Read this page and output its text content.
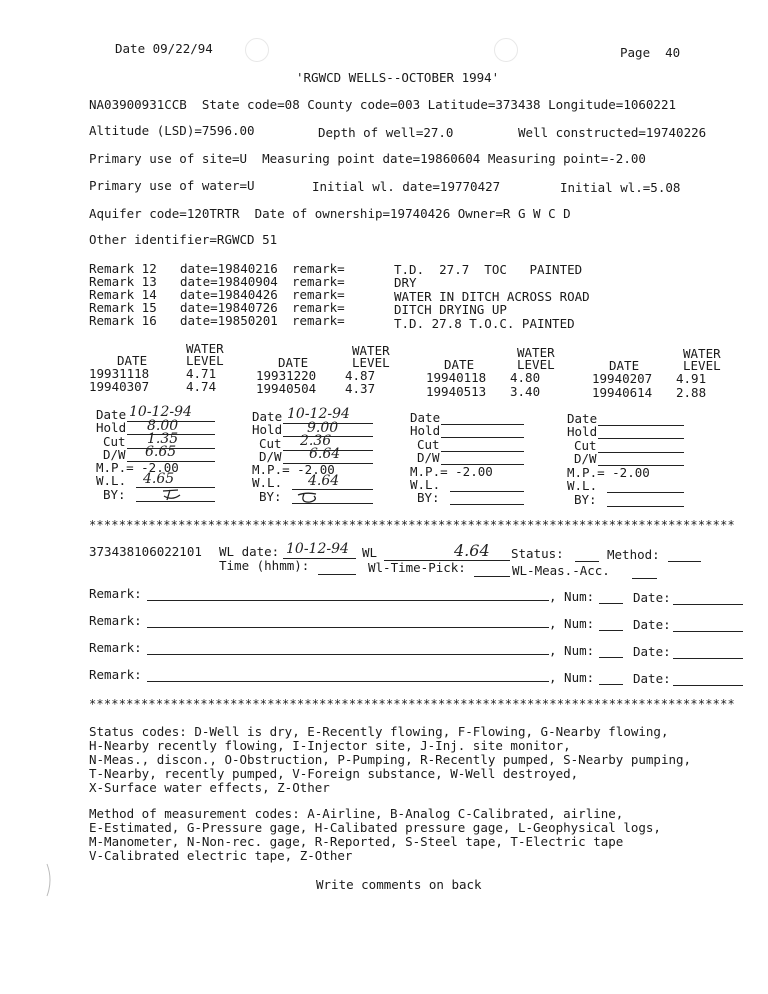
Date 09/22/94	Page  40
'RGWCD WELLS--OCTOBER 1994'
NA03900931CCB  State code=08 County code=003 Latitude=373438 Longitude=1060221
Altitude (LSD)=7596.00	Depth of well=27.0	Well constructed=19740226
Primary use of site=U  Measuring point date=19860604 Measuring point=-2.00
Primary use of water=U	Initial wl. date=19770427	Initial wl.=5.08
Aquifer code=120TRTR  Date of ownership=19740426 Owner=R G W C D
Other identifier=RGWCD 51
Remark 12 date=19840216 remark=	T.D.  27.7  TOC   PAINTED
Remark 13 date=19840904 remark=	DRY
Remark 14 date=19840426 remark=	WATER IN DITCH ACROSS ROAD
Remark 15 date=19840726 remark=	DITCH DRYING UP
Remark 16 date=19850201 remark=	T.D. 27.8 T.O.C. PAINTED
WATER
DATE	LEVEL
WATER
DATE	LEVEL
WATER
DATE	LEVEL
WATER
DATE	LEVEL
19931118	4.71
19940307	4.74
19931220 4.87
19940504 4.37
19940118 4.80
19940513 3.40
19940207 4.91
19940614 2.88
Date 10-12-94
Hold 8.00
Cut 1.35
D/W 6.65
M.P.= -2.00
W.L. 4.65
BY:
Date 10-12-94
Hold 9.00
Cut 2.36
D/W 6.64
M.P.= -2.00
W.L. 4.64
BY:
Date
Hold
Cut
D/W
M.P.= -2.00
W.L.
BY:
Date
Hold
Cut
D/W
M.P.= -2.00
W.L.
BY:
***************************************************************************************
373438106022101 WL date: 10-12-94 WL	4.64 Status:	Method:
Time (hhmm):	Wl-Time-Pick:	WL-Meas.-Acc.
Remark:	, Num:	Date:
Remark:	, Num:	Date:
Remark:	, Num:	Date:
Remark:	, Num:	Date:
***************************************************************************************
Status codes: D-Well is dry, E-Recently flowing, F-Flowing, G-Nearby flowing,
H-Nearby recently flowing, I-Injector site, J-Inj. site monitor,
N-Meas., discon., O-Obstruction, P-Pumping, R-Recently pumped, S-Nearby pumping,
T-Nearby, recently pumped, V-Foreign substance, W-Well destroyed,
X-Surface water effects, Z-Other
Method of measurement codes: A-Airline, B-Analog C-Calibrated, airline,
E-Estimated, G-Pressure gage, H-Calibated pressure gage, L-Geophysical logs,
M-Manometer, N-Non-rec. gage, R-Reported, S-Steel tape, T-Electric tape
V-Calibrated electric tape, Z-Other
Write comments on back
